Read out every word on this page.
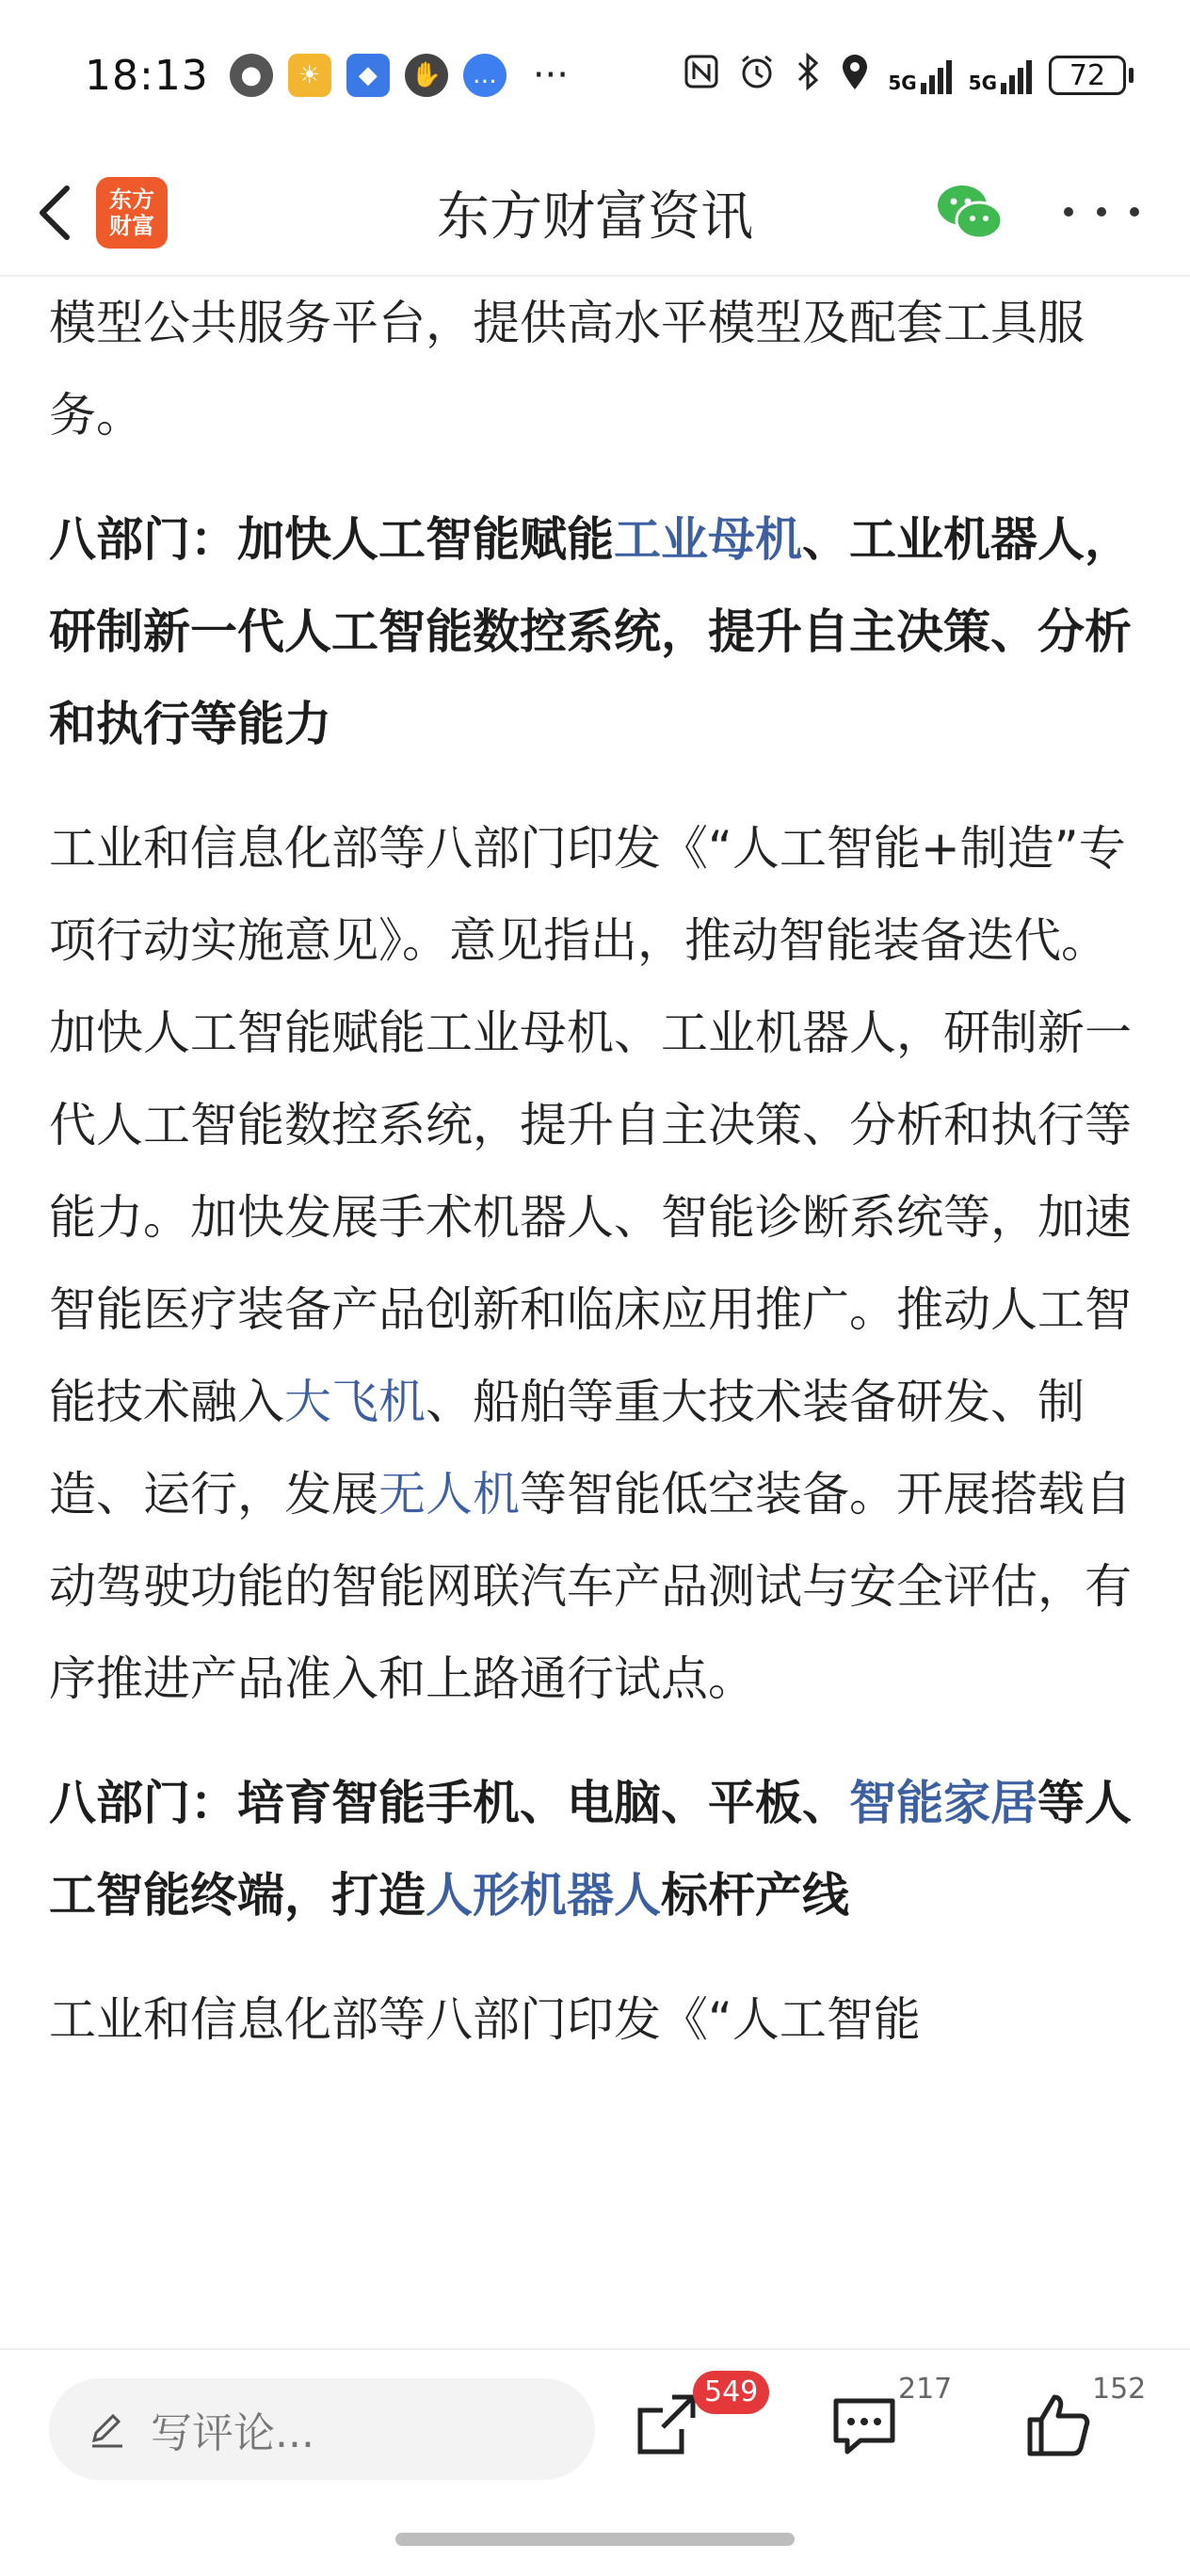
18:13	●	☀	◆	✋	… ···	5G	5G	72
东方
财富	东方财富资讯

模型公共服务平台，提供高水平模型及配套工具服务。

八部门：加快人工智能赋能工业母机、工业机器人，研制新一代人工智能数控系统，提升自主决策、分析和执行等能力

工业和信息化部等八部门印发《“人工智能+制造”专项行动实施意见》。意见指出，推动智能装备迭代。加快人工智能赋能工业母机、工业机器人，研制新一代人工智能数控系统，提升自主决策、分析和执行等能力。加快发展手术机器人、智能诊断系统等，加速智能医疗装备产品创新和临床应用推广。推动人工智能技术融入大飞机、船舶等重大技术装备研发、制造、运行，发展无人机等智能低空装备。开展搭载自动驾驶功能的智能网联汽车产品测试与安全评估，有序推进产品准入和上路通行试点。

八部门：培育智能手机、电脑、平板、智能家居等人工智能终端，打造人形机器人标杆产线

工业和信息化部等八部门印发《“人工智能

写评论...
549	217	152
